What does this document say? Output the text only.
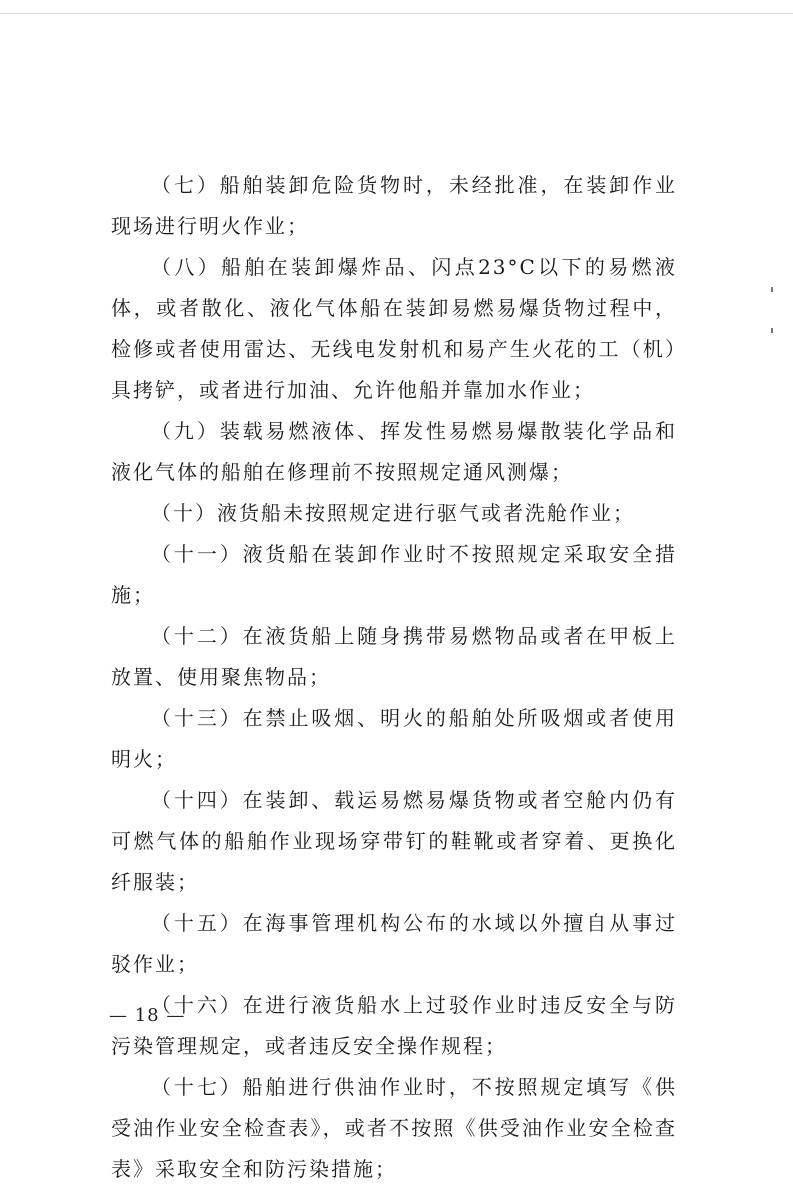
（七）船舶装卸危险货物时，未经批准，在装卸作业现场进行明火作业；

（八）船舶在装卸爆炸品、闪点23°C以下的易燃液体，或者散化、液化气体船在装卸易燃易爆货物过程中，检修或者使用雷达、无线电发射机和易产生火花的工（机）具拷铲，或者进行加油、允许他船并靠加水作业；

（九）装载易燃液体、挥发性易燃易爆散装化学品和液化气体的船舶在修理前不按照规定通风测爆；

（十）液货船未按照规定进行驱气或者洗舱作业；

（十一）液货船在装卸作业时不按照规定采取安全措施；

（十二）在液货船上随身携带易燃物品或者在甲板上放置、使用聚焦物品；

（十三）在禁止吸烟、明火的船舶处所吸烟或者使用明火；

（十四）在装卸、载运易燃易爆货物或者空舱内仍有可燃气体的船舶作业现场穿带钉的鞋靴或者穿着、更换化纤服装；

（十五）在海事管理机构公布的水域以外擅自从事过驳作业；

（十六）在进行液货船水上过驳作业时违反安全与防污染管理规定，或者违反安全操作规程；

（十七）船舶进行供油作业时，不按照规定填写《供受油作业安全检查表》，或者不按照《供受油作业安全检查表》采取安全和防污染措施；

— 18 —
